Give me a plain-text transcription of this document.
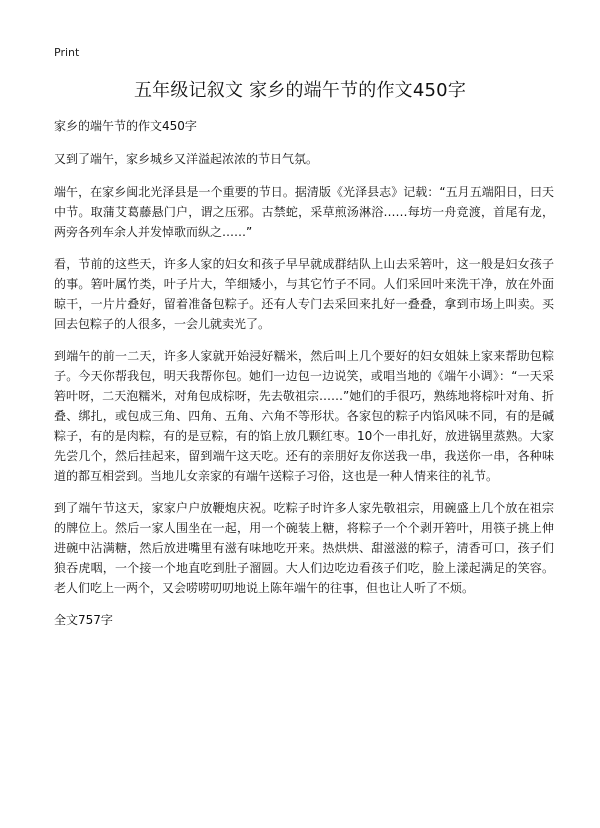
Print
五年级记叙文 家乡的端午节的作文450字

家乡的端午节的作文450字

又到了端午，家乡城乡又洋溢起浓浓的节日气氛。

端午，在家乡闽北光泽县是一个重要的节日。据清版《光泽县志》记载：“五月五端阳日，曰天中节。取蒲艾葛藤悬门户，谓之压邪。古禁蛇，采草煎汤淋浴……每坊一舟竞渡，首尾有龙，两旁各列车余人并发悼歌而纵之……”

看，节前的这些天，许多人家的妇女和孩子早早就成群结队上山去采箬叶，这一般是妇女孩子的事。箬叶属竹类，叶子片大，竿细矮小，与其它竹子不同。人们采回叶来洗干净，放在外面晾干，一片片叠好，留着准备包粽子。还有人专门去采回来扎好一叠叠，拿到市场上叫卖。买回去包粽子的人很多，一会儿就卖光了。

到端午的前一二天，许多人家就开始浸好糯米，然后叫上几个要好的妇女姐妹上家来帮助包粽子。今天你帮我包，明天我帮你包。她们一边包一边说笑，或唱当地的《端午小调》：“一天采箬叶呀，二天泡糯米，对角包成棕呀，先去敬祖宗……”她们的手很巧，熟练地将棕叶对角、折叠、绑扎，或包成三角、四角、五角、六角不等形状。各家包的粽子内馅风味不同，有的是碱粽子，有的是肉粽，有的是豆粽，有的馅上放几颗红枣。10个一串扎好，放进锅里蒸熟。大家先尝几个，然后挂起来，留到端午这天吃。还有的亲朋好友你送我一串，我送你一串，各种味道的都互相尝到。当地儿女亲家的有端午送粽子习俗，这也是一种人情来往的礼节。

到了端午节这天，家家户户放鞭炮庆祝。吃粽子时许多人家先敬祖宗，用碗盛上几个放在祖宗的牌位上。然后一家人围坐在一起，用一个碗装上糖，将粽子一个个剥开箬叶，用筷子挑上伸进碗中沾满糖，然后放进嘴里有滋有味地吃开来。热烘烘、甜滋滋的粽子，清香可口，孩子们狼吞虎咽，一个接一个地直吃到肚子溜圆。大人们边吃边看孩子们吃，脸上漾起满足的笑容。老人们吃上一两个，又会唠唠叨叨地说上陈年端午的往事，但也让人听了不烦。

全文757字
